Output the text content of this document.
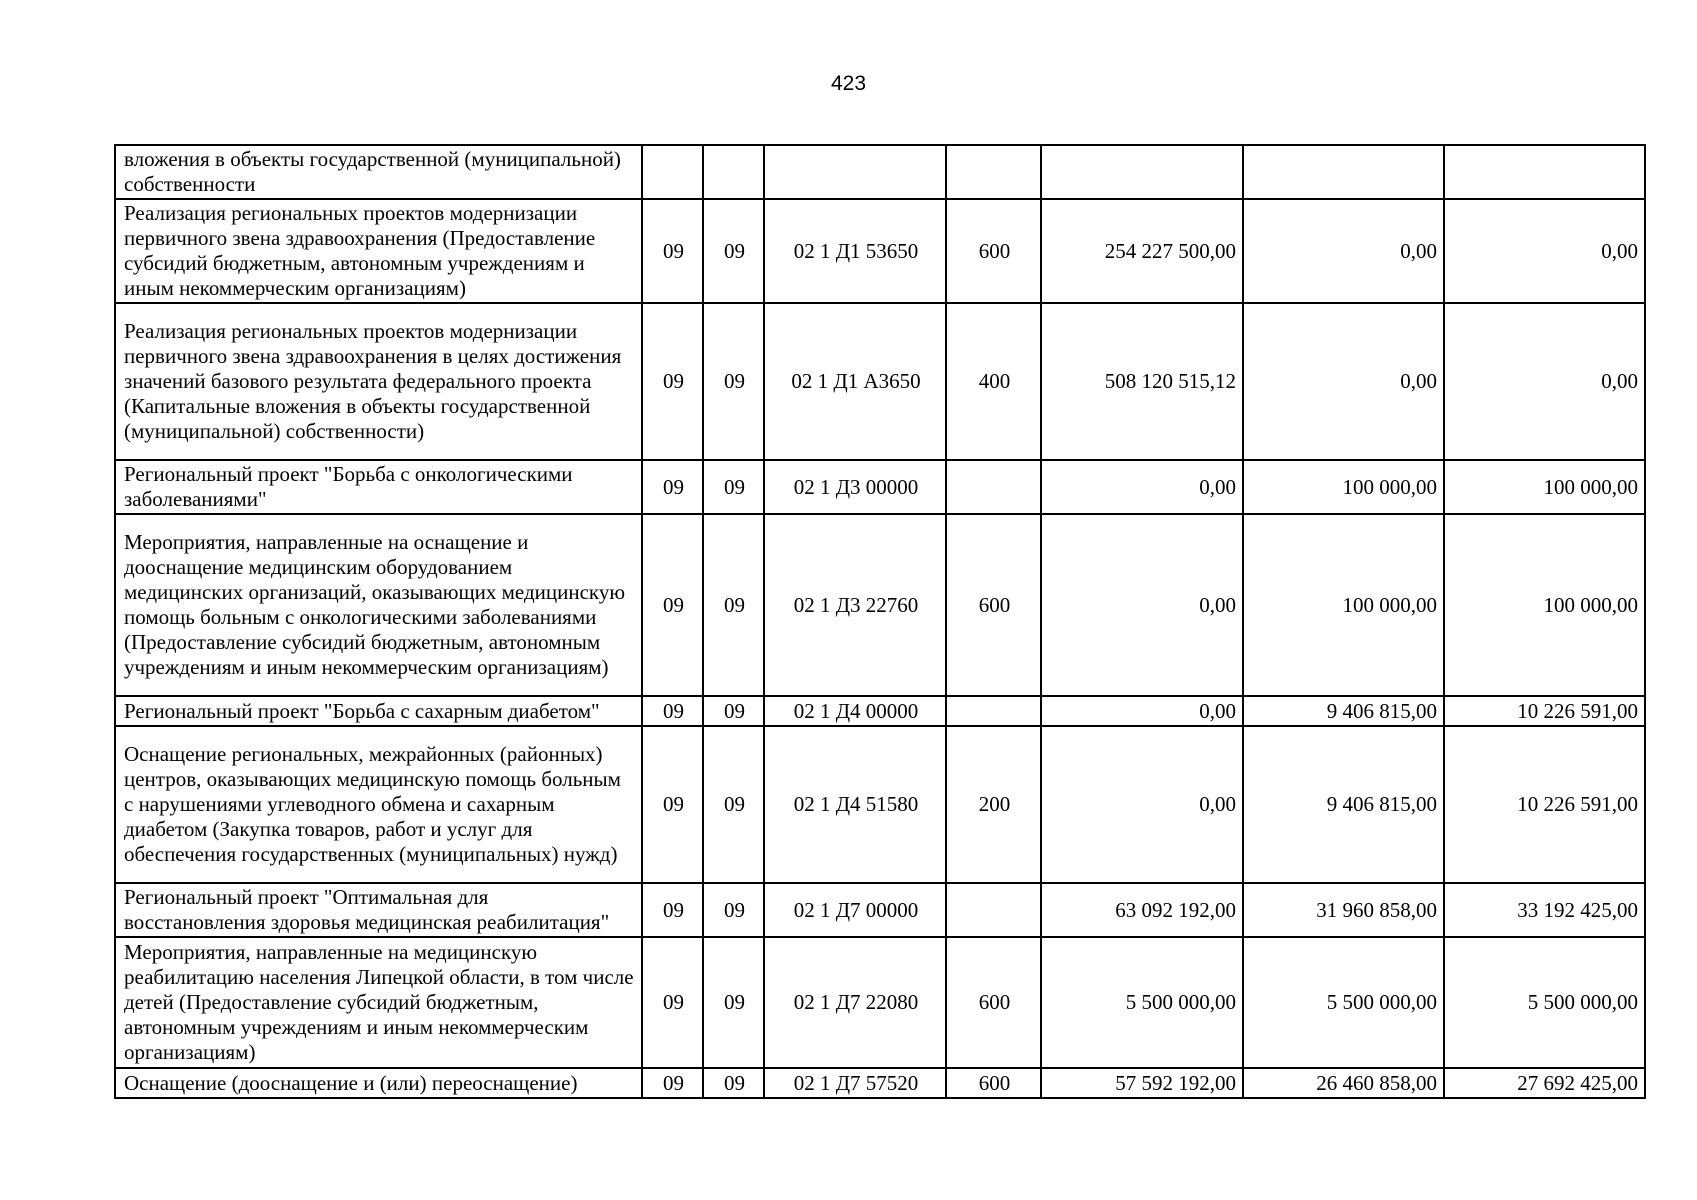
423
вложения в объекты государственной (муниципальной) собственности							
Реализация региональных проектов модернизации первичного звена здравоохранения (Предоставление субсидий бюджетным, автономным учреждениям и иным некоммерческим организациям)	09	09	02 1 Д1 53650	600	254 227 500,00	0,00	0,00
Реализация региональных проектов модернизации первичного звена здравоохранения в целях достижения значений базового результата федерального проекта (Капитальные вложения в объекты государственной (муниципальной) собственности)	09	09	02 1 Д1 А3650	400	508 120 515,12	0,00	0,00
Региональный проект "Борьба с онкологическими заболеваниями"	09	09	02 1 Д3 00000		0,00	100 000,00	100 000,00
Мероприятия, направленные на оснащение и дооснащение медицинским оборудованием медицинских организаций, оказывающих медицинскую помощь больным с онкологическими заболеваниями (Предоставление субсидий бюджетным, автономным учреждениям и иным некоммерческим организациям)	09	09	02 1 Д3 22760	600	0,00	100 000,00	100 000,00
Региональный проект "Борьба с сахарным диабетом"	09	09	02 1 Д4 00000		0,00	9 406 815,00	10 226 591,00
Оснащение региональных, межрайонных (районных) центров, оказывающих медицинскую помощь больным с нарушениями углеводного обмена и сахарным диабетом (Закупка товаров, работ и услуг для обеспечения государственных (муниципальных) нужд)	09	09	02 1 Д4 51580	200	0,00	9 406 815,00	10 226 591,00
Региональный проект "Оптимальная для восстановления здоровья медицинская реабилитация"	09	09	02 1 Д7 00000		63 092 192,00	31 960 858,00	33 192 425,00
Мероприятия, направленные на медицинскую реабилитацию населения Липецкой области, в том числе детей (Предоставление субсидий бюджетным, автономным учреждениям и иным некоммерческим организациям)	09	09	02 1 Д7 22080	600	5 500 000,00	5 500 000,00	5 500 000,00
Оснащение (дооснащение и (или) переоснащение)	09	09	02 1 Д7 57520	600	57 592 192,00	26 460 858,00	27 692 425,00
